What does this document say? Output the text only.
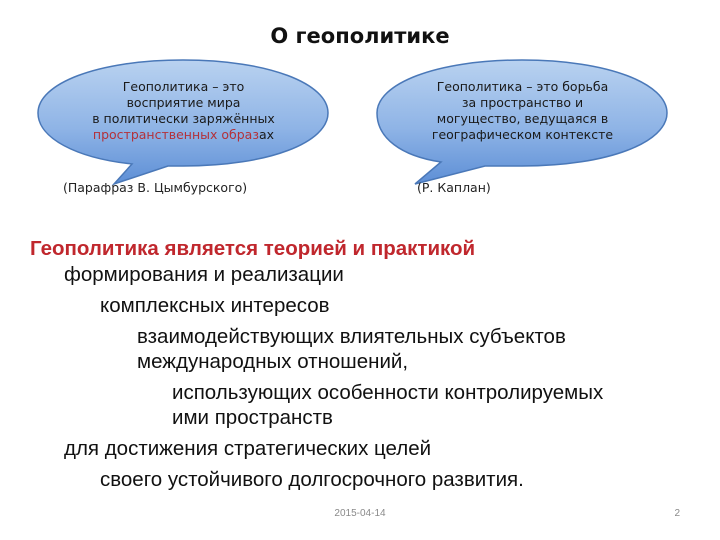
О геополитике
Геополитика – это
восприятие мира
в политически заряжённых
пространственных образах
Геополитика – это борьба
за пространство и
могущество, ведущаяся в
географическом контексте
(Парафраз В. Цымбурского)	(Р. Каплан)
Геополитика является теорией и практикой
формирования и реализации
комплексных интересов
взаимодействующих влиятельных субъектов
международных отношений,
использующих особенности контролируемых
ими пространств
для достижения стратегических целей
своего устойчивого долгосрочного развития.
2015-04-14	2
